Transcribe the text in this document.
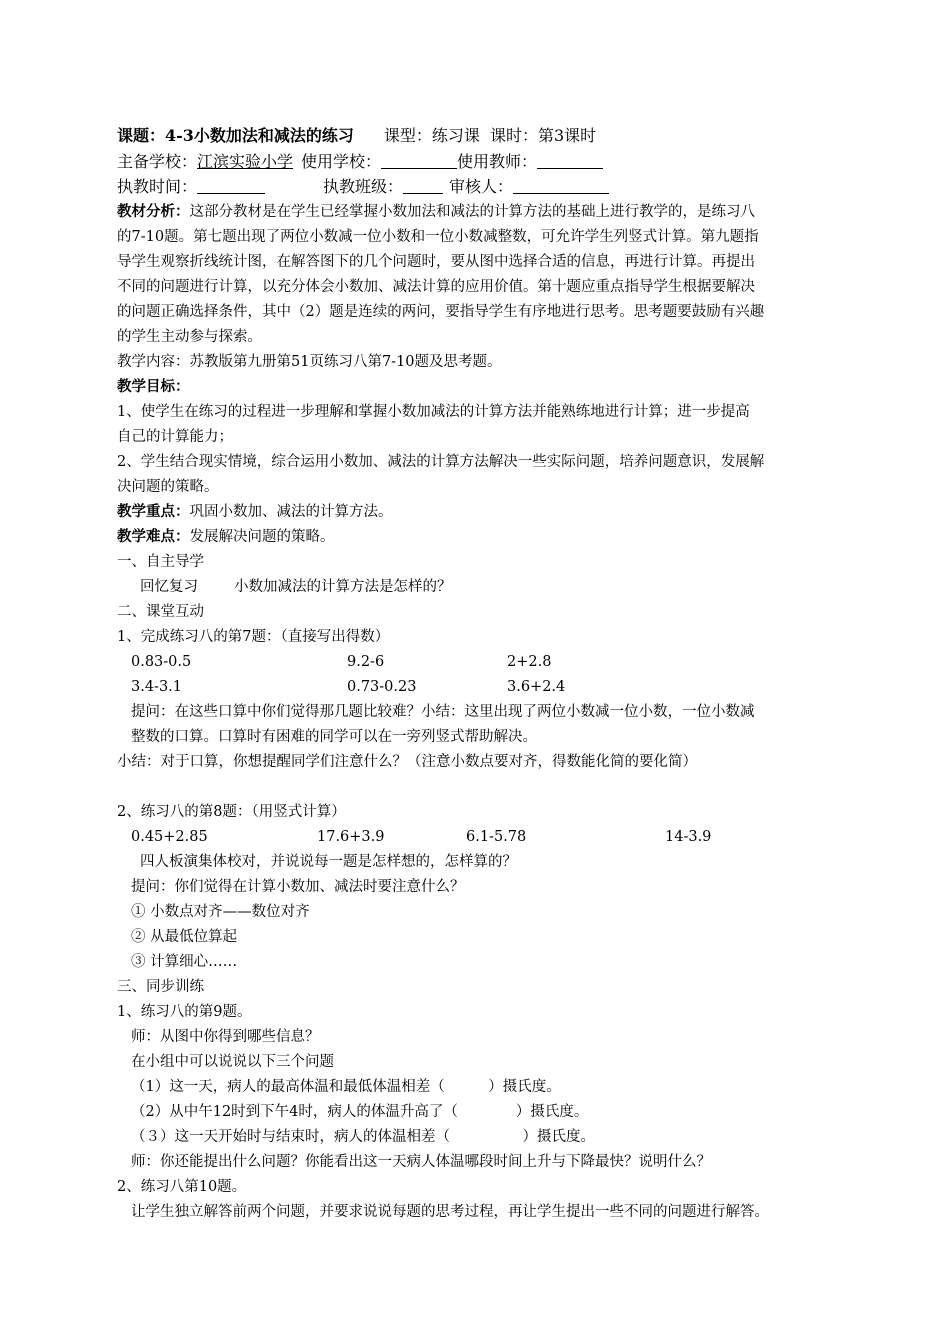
课题：4-3小数加法和减法的练习 课型：练习课 课时：第3课时
主备学校：江滨实验小学 使用学校：	使用教师：
执教时间：	执教班级：	审核人：
教材分析：这部分教材是在学生已经掌握小数加法和减法的计算方法的基础上进行教学的，是练习八
的7-10题。第七题出现了两位小数减一位小数和一位小数减整数，可允许学生列竖式计算。第九题指
导学生观察折线统计图，在解答图下的几个问题时，要从图中选择合适的信息，再进行计算。再提出
不同的问题进行计算，以充分体会小数加、减法计算的应用价值。第十题应重点指导学生根据要解决
的问题正确选择条件，其中（2）题是连续的两问，要指导学生有序地进行思考。思考题要鼓励有兴趣
的学生主动参与探索。
教学内容：苏教版第九册第51页练习八第7-10题及思考题。
教学目标：
1、使学生在练习的过程进一步理解和掌握小数加减法的计算方法并能熟练地进行计算；进一步提高
自己的计算能力；
2、学生结合现实情境，综合运用小数加、减法的计算方法解决一些实际问题，培养问题意识，发展解
决问题的策略。
教学重点：巩固小数加、减法的计算方法。
教学难点：发展解决问题的策略。
一、自主导学
回忆复习 小数加减法的计算方法是怎样的？
二、课堂互动
1、完成练习八的第7题：（直接写出得数）
0.83-0.5	9.2-6	2+2.8
3.4-3.1	0.73-0.23	3.6+2.4
提问：在这些口算中你们觉得那几题比较难？小结：这里出现了两位小数减一位小数，一位小数减
整数的口算。口算时有困难的同学可以在一旁列竖式帮助解决。
小结：对于口算，你想提醒同学们注意什么？（注意小数点要对齐，得数能化简的要化简）
2、练习八的第8题：（用竖式计算）
0.45+2.85	17.6+3.9	6.1-5.78	14-3.9
四人板演集体校对，并说说每一题是怎样想的，怎样算的？
提问：你们觉得在计算小数加、减法时要注意什么？
① 小数点对齐——数位对齐
② 从最低位算起
③ 计算细心……
三、同步训练
1、练习八的第9题。
师：从图中你得到哪些信息？
在小组中可以说说以下三个问题
（1）这一天，病人的最高体温和最低体温相差（　　　）摄氏度。
（2）从中午12时到下午4时，病人的体温升高了（　　　　）摄氏度。
（３）这一天开始时与结束时，病人的体温相差（　　　　　）摄氏度。
师：你还能提出什么问题？你能看出这一天病人体温哪段时间上升与下降最快？说明什么？
2、练习八第10题。
让学生独立解答前两个问题，并要求说说每题的思考过程，再让学生提出一些不同的问题进行解答。
